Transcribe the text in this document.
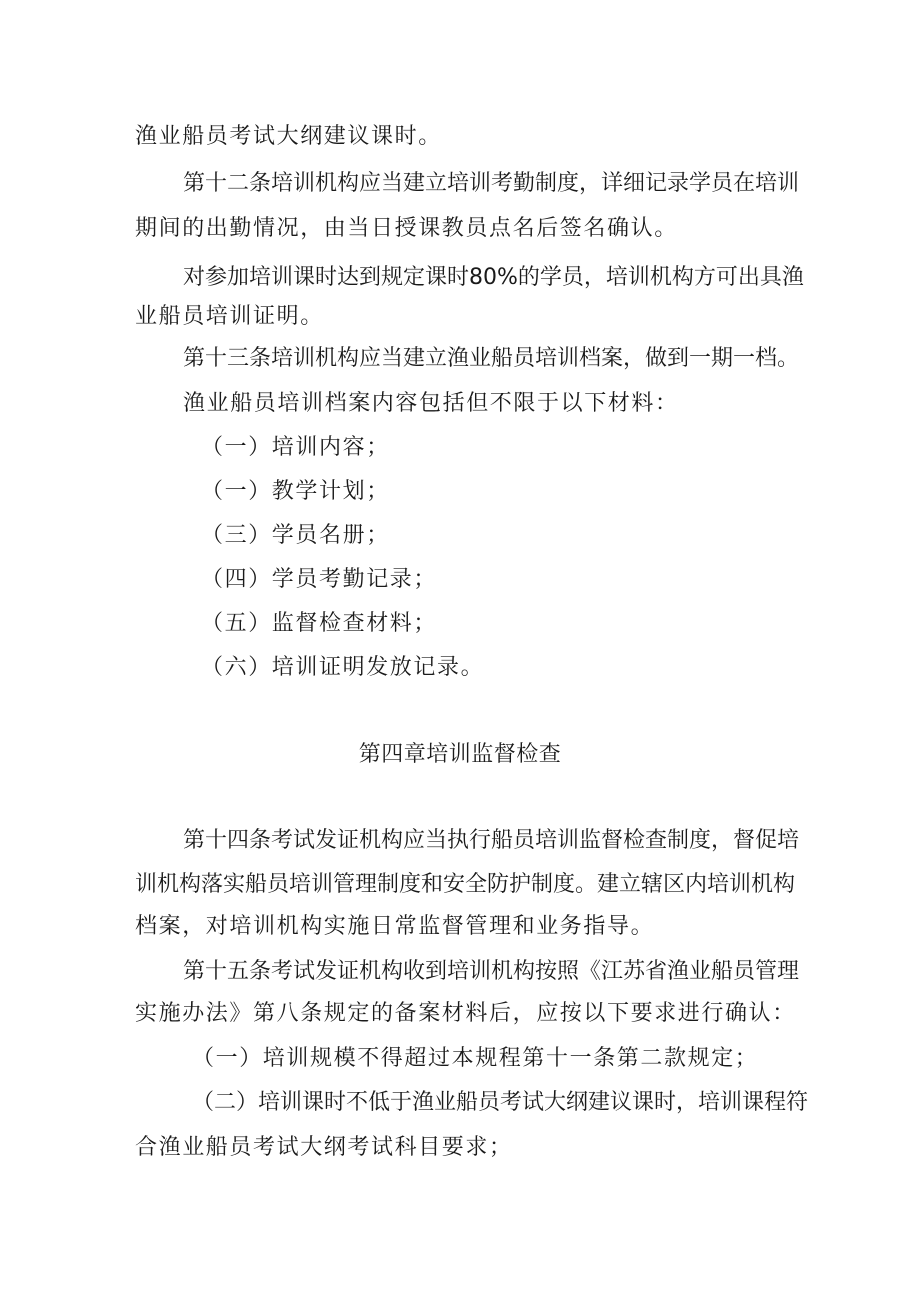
渔业船员考试大纲建议课时。
第十二条培训机构应当建立培训考勤制度，详细记录学员在培训
期间的出勤情况，由当日授课教员点名后签名确认。
对参加培训课时达到规定课时80%的学员，培训机构方可出具渔
业船员培训证明。
第十三条培训机构应当建立渔业船员培训档案，做到一期一档。
渔业船员培训档案内容包括但不限于以下材料：
（一）培训内容；
（一）教学计划；
（三）学员名册；
（四）学员考勤记录；
（五）监督检查材料；
（六）培训证明发放记录。
第四章培训监督检查
第十四条考试发证机构应当执行船员培训监督检查制度，督促培
训机构落实船员培训管理制度和安全防护制度。建立辖区内培训机构
档案，对培训机构实施日常监督管理和业务指导。
第十五条考试发证机构收到培训机构按照《江苏省渔业船员管理
实施办法》第八条规定的备案材料后，应按以下要求进行确认：
（一）培训规模不得超过本规程第十一条第二款规定；
（二）培训课时不低于渔业船员考试大纲建议课时，培训课程符
合渔业船员考试大纲考试科目要求；
